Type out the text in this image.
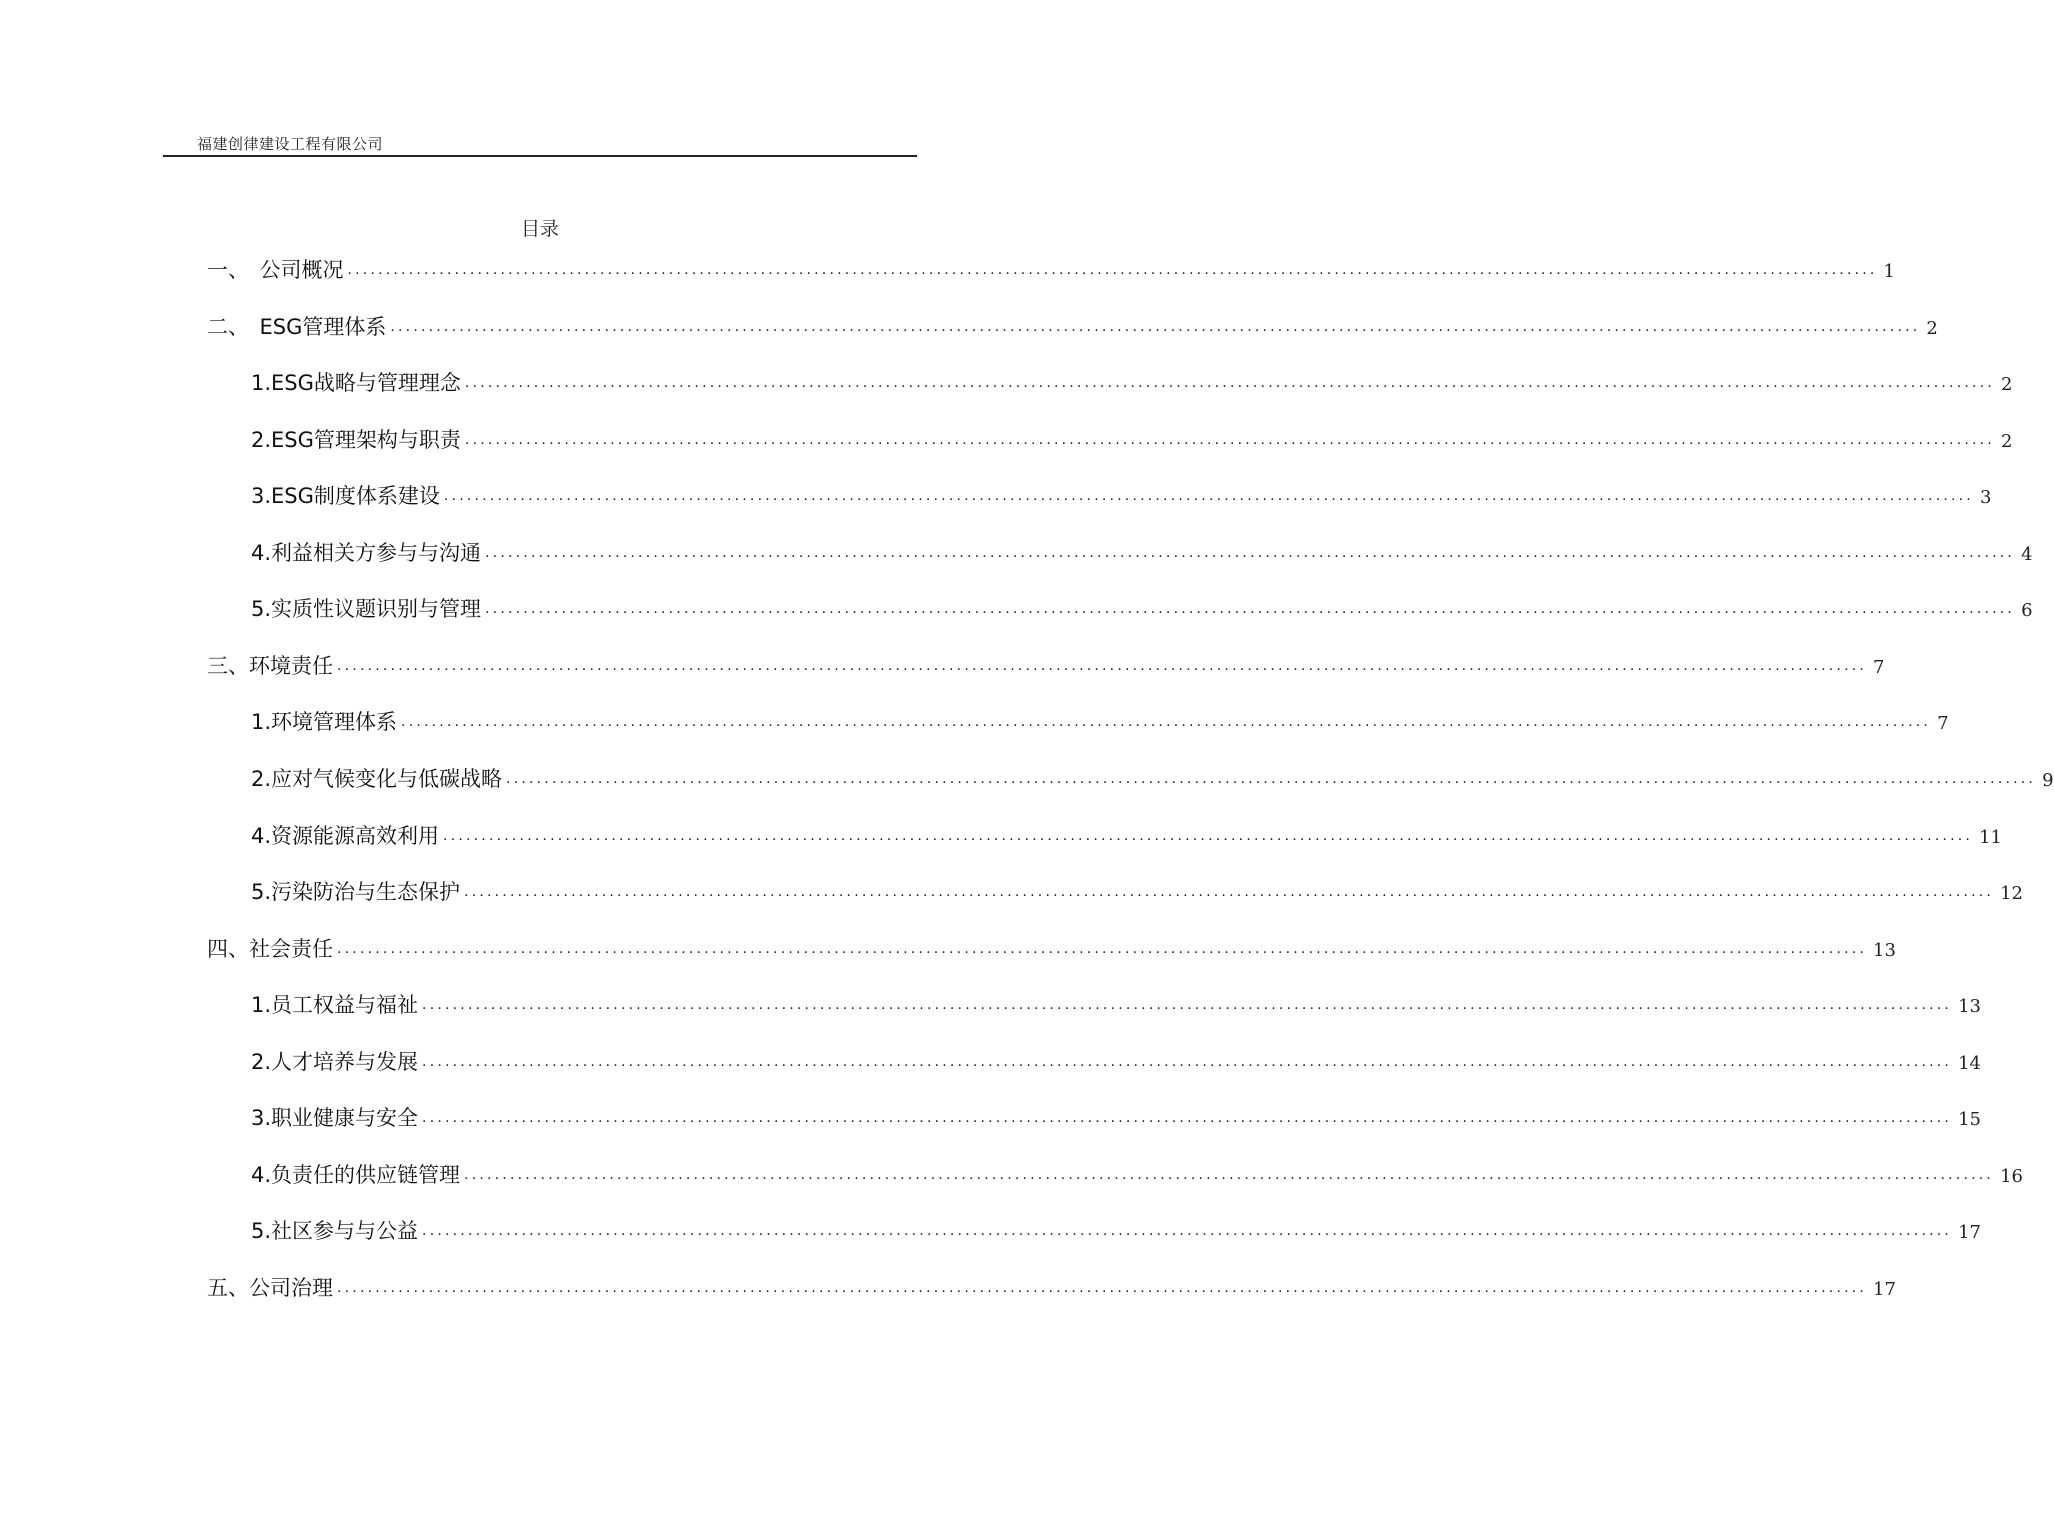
福建创律建设工程有限公司
目录
一、　公司概况 ........................................................................................................................................................................................................ 1
二、　ESG管理体系 ........................................................................................................................................................................................................ 2
1.ESG战略与管理理念 ........................................................................................................................................................................................................ 2
2.ESG管理架构与职责 ........................................................................................................................................................................................................ 2
3.ESG制度体系建设 ........................................................................................................................................................................................................ 3
4.利益相关方参与与沟通 ........................................................................................................................................................................................................ 4
5.实质性议题识别与管理 ........................................................................................................................................................................................................ 6
三、环境责任 ........................................................................................................................................................................................................ 7
1.环境管理体系 ........................................................................................................................................................................................................ 7
2.应对气候变化与低碳战略 ........................................................................................................................................................................................................ 9
4.资源能源高效利用 ........................................................................................................................................................................................................ 11
5.污染防治与生态保护 ........................................................................................................................................................................................................ 12
四、社会责任 ........................................................................................................................................................................................................ 13
1.员工权益与福祉 ........................................................................................................................................................................................................ 13
2.人才培养与发展 ........................................................................................................................................................................................................ 14
3.职业健康与安全 ........................................................................................................................................................................................................ 15
4.负责任的供应链管理 ........................................................................................................................................................................................................ 16
5.社区参与与公益 ........................................................................................................................................................................................................ 17
五、公司治理 ........................................................................................................................................................................................................ 17
